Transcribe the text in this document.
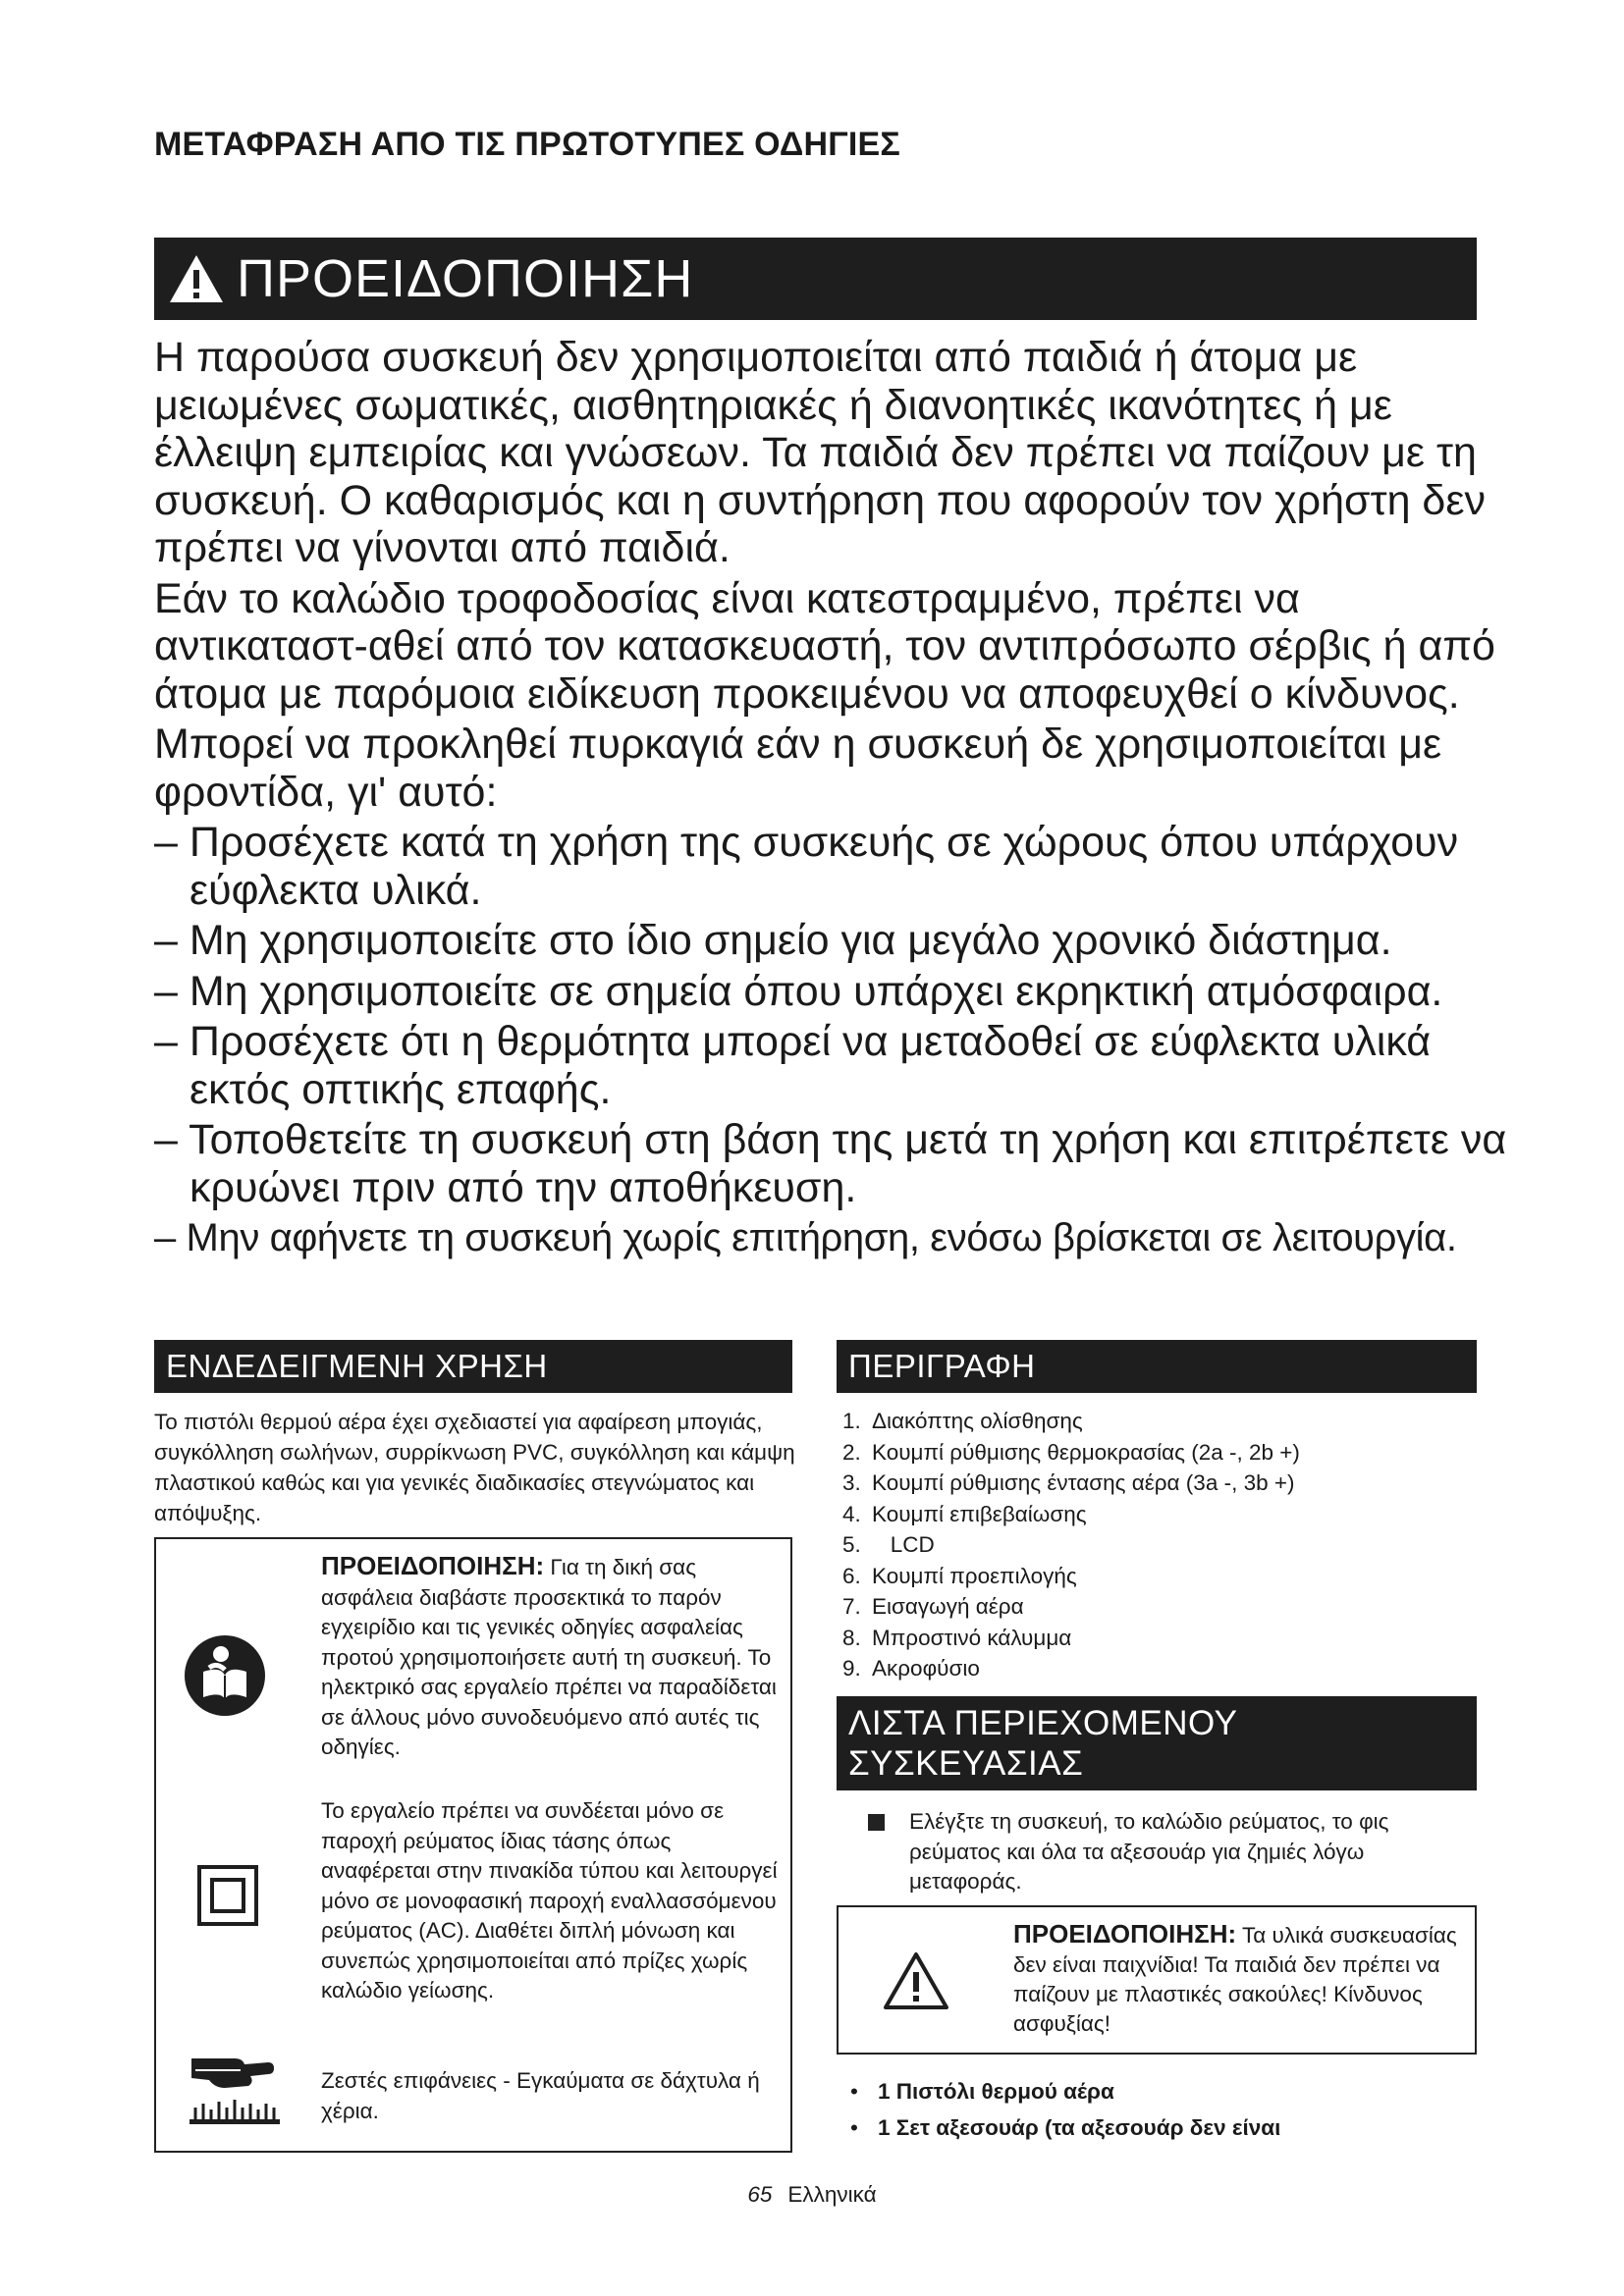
ΜΕΤΑΦΡΑΣΗ ΑΠΟ ΤΙΣ ΠΡΩΤΟΤΥΠΕΣ ΟΔΗΓΙΕΣ
ΠΡΟΕΙΔΟΠΟΙΗΣΗ

Η παρούσα συσκευή δεν χρησιμοποιείται από παιδιά ή άτομα με μειωμένες σωματικές, αισθητηριακές ή διανοητικές ικανότητες ή με έλλειψη εμπειρίας και γνώσεων. Τα παιδιά δεν πρέπει να παίζουν με τη συσκευή. Ο καθαρισμός και η συντήρηση που αφορούν τον χρήστη δεν πρέπει να γίνονται από παιδιά.

Εάν το καλώδιο τροφοδοσίας είναι κατεστραμμένο, πρέπει να αντικαταστ-αθεί από τον κατασκευαστή, τον αντιπρόσωπο σέρβις ή από άτομα με παρόμοια ειδίκευση προκειμένου να αποφευχθεί ο κίνδυνος.

Μπορεί να προκληθεί πυρκαγιά εάν η συσκευή δε χρησιμοποιείται με φροντίδα, γι' αυτό:

– Προσέχετε κατά τη χρήση της συσκευής σε χώρους όπου υπάρχουν εύφλεκτα υλικά.

– Μη χρησιμοποιείτε στο ίδιο σημείο για μεγάλο χρονικό διάστημα.

– Μη χρησιμοποιείτε σε σημεία όπου υπάρχει εκρηκτική ατμόσφαιρα.

– Προσέχετε ότι η θερμότητα μπορεί να μεταδοθεί σε εύφλεκτα υλικά εκτός οπτικής επαφής.

– Τοποθετείτε τη συσκευή στη βάση της μετά τη χρήση και επιτρέπετε να κρυώνει πριν από την αποθήκευση.

– Μην αφήνετε τη συσκευή χωρίς επιτήρηση, ενόσω βρίσκεται σε λειτουργία.

ΕΝΔΕΔΕΙΓΜΕΝΗ ΧΡΗΣΗ
Το πιστόλι θερμού αέρα έχει σχεδιαστεί για αφαίρεση μπογιάς, συγκόλληση σωλήνων, συρρίκνωση PVC, συγκόλληση και κάμψη πλαστικού καθώς και για γενικές διαδικασίες στεγνώματος και απόψυξης.
ΠΡΟΕΙΔΟΠΟΙΗΣΗ: Για τη δική σας ασφάλεια διαβάστε προσεκτικά το παρόν εγχειρίδιο και τις γενικές οδηγίες ασφαλείας προτού χρησιμοποιήσετε αυτή τη συσκευή. Το ηλεκτρικό σας εργαλείο πρέπει να παραδίδεται σε άλλους μόνο συνοδευόμενο από αυτές τις οδηγίες.
Το εργαλείο πρέπει να συνδέεται μόνο σε παροχή ρεύματος ίδιας τάσης όπως αναφέρεται στην πινακίδα τύπου και λειτουργεί μόνο σε μονοφασική παροχή εναλλασσόμενου ρεύματος (AC). Διαθέτει διπλή μόνωση και συνεπώς χρησιμοποιείται από πρίζες χωρίς καλώδιο γείωσης.
Ζεστές επιφάνειες - Εγκαύματα σε δάχτυλα ή χέρια.
ΠΕΡΙΓΡΑΦΗ
1. Διακόπτης ολίσθησης
2. Κουμπί ρύθμισης θερμοκρασίας (2a -, 2b +)
3. Κουμπί ρύθμισης έντασης αέρα (3a -, 3b +)
4. Κουμπί επιβεβαίωσης
5. LCD
6. Κουμπί προεπιλογής
7. Εισαγωγή αέρα
8. Μπροστινό κάλυμμα
9. Ακροφύσιο
ΛΙΣΤΑ ΠΕΡΙΕΧΟΜΕΝΟΥ ΣΥΣΚΕΥΑΣΙΑΣ
Ελέγξτε τη συσκευή, το καλώδιο ρεύματος, το φις ρεύματος και όλα τα αξεσουάρ για ζημιές λόγω μεταφοράς.
ΠΡΟΕΙΔΟΠΟΙΗΣΗ: Τα υλικά συσκευασίας δεν είναι παιχνίδια! Τα παιδιά δεν πρέπει να παίζουν με πλαστικές σακούλες! Κίνδυνος ασφυξίας!
• 1 Πιστόλι θερμού αέρα
• 1 Σετ αξεσουάρ (τα αξεσουάρ δεν είναι
65 Ελληνικά
